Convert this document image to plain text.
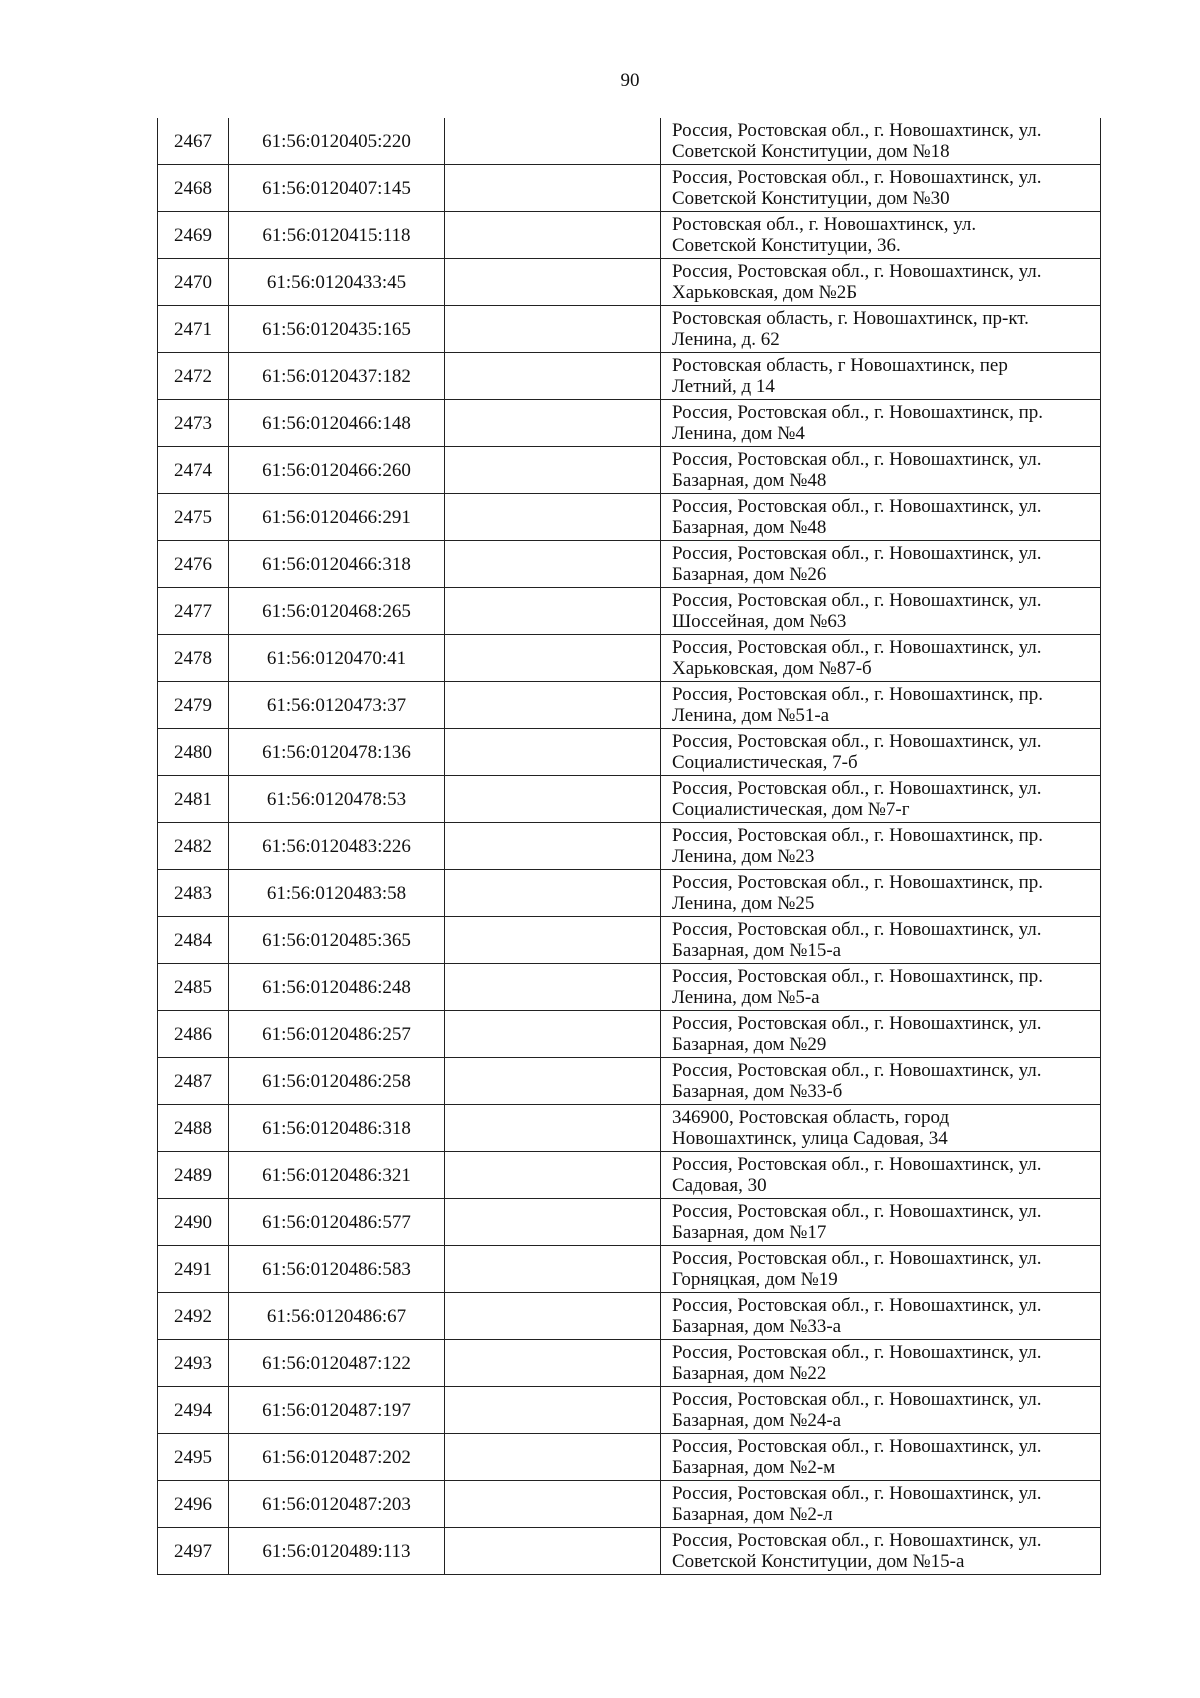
90
2467	61:56:0120405:220		Россия, Ростовская обл., г. Новошахтинск, ул.
Советской Конституции, дом №18

2468	61:56:0120407:145		Россия, Ростовская обл., г. Новошахтинск, ул.
Советской Конституции, дом №30

2469	61:56:0120415:118		Ростовская обл., г. Новошахтинск, ул.
Советской Конституции, 36.

2470	61:56:0120433:45		Россия, Ростовская обл., г. Новошахтинск, ул.
Харьковская, дом №2Б

2471	61:56:0120435:165		Ростовская область, г. Новошахтинск, пр-кт.
Ленина, д. 62

2472	61:56:0120437:182		Ростовская область, г Новошахтинск, пер
Летний, д 14

2473	61:56:0120466:148		Россия, Ростовская обл., г. Новошахтинск, пр.
Ленина, дом №4

2474	61:56:0120466:260		Россия, Ростовская обл., г. Новошахтинск, ул.
Базарная, дом №48

2475	61:56:0120466:291		Россия, Ростовская обл., г. Новошахтинск, ул.
Базарная, дом №48

2476	61:56:0120466:318		Россия, Ростовская обл., г. Новошахтинск, ул.
Базарная, дом №26

2477	61:56:0120468:265		Россия, Ростовская обл., г. Новошахтинск, ул.
Шоссейная, дом №63

2478	61:56:0120470:41		Россия, Ростовская обл., г. Новошахтинск, ул.
Харьковская, дом №87-б

2479	61:56:0120473:37		Россия, Ростовская обл., г. Новошахтинск, пр.
Ленина, дом №51-а

2480	61:56:0120478:136		Россия, Ростовская обл., г. Новошахтинск, ул.
Социалистическая, 7-б

2481	61:56:0120478:53		Россия, Ростовская обл., г. Новошахтинск, ул.
Социалистическая, дом №7-г

2482	61:56:0120483:226		Россия, Ростовская обл., г. Новошахтинск, пр.
Ленина, дом №23

2483	61:56:0120483:58		Россия, Ростовская обл., г. Новошахтинск, пр.
Ленина, дом №25

2484	61:56:0120485:365		Россия, Ростовская обл., г. Новошахтинск, ул.
Базарная, дом №15-а

2485	61:56:0120486:248		Россия, Ростовская обл., г. Новошахтинск, пр.
Ленина, дом №5-а

2486	61:56:0120486:257		Россия, Ростовская обл., г. Новошахтинск, ул.
Базарная, дом №29

2487	61:56:0120486:258		Россия, Ростовская обл., г. Новошахтинск, ул.
Базарная, дом №33-б

2488	61:56:0120486:318		346900, Ростовская область, город
Новошахтинск, улица Садовая, 34

2489	61:56:0120486:321		Россия, Ростовская обл., г. Новошахтинск, ул.
Садовая, 30

2490	61:56:0120486:577		Россия, Ростовская обл., г. Новошахтинск, ул.
Базарная, дом №17

2491	61:56:0120486:583		Россия, Ростовская обл., г. Новошахтинск, ул.
Горняцкая, дом №19

2492	61:56:0120486:67		Россия, Ростовская обл., г. Новошахтинск, ул.
Базарная, дом №33-а

2493	61:56:0120487:122		Россия, Ростовская обл., г. Новошахтинск, ул.
Базарная, дом №22

2494	61:56:0120487:197		Россия, Ростовская обл., г. Новошахтинск, ул.
Базарная, дом №24-а

2495	61:56:0120487:202		Россия, Ростовская обл., г. Новошахтинск, ул.
Базарная, дом №2-м

2496	61:56:0120487:203		Россия, Ростовская обл., г. Новошахтинск, ул.
Базарная, дом №2-л

2497	61:56:0120489:113		Россия, Ростовская обл., г. Новошахтинск, ул.
Советской Конституции, дом №15-а
